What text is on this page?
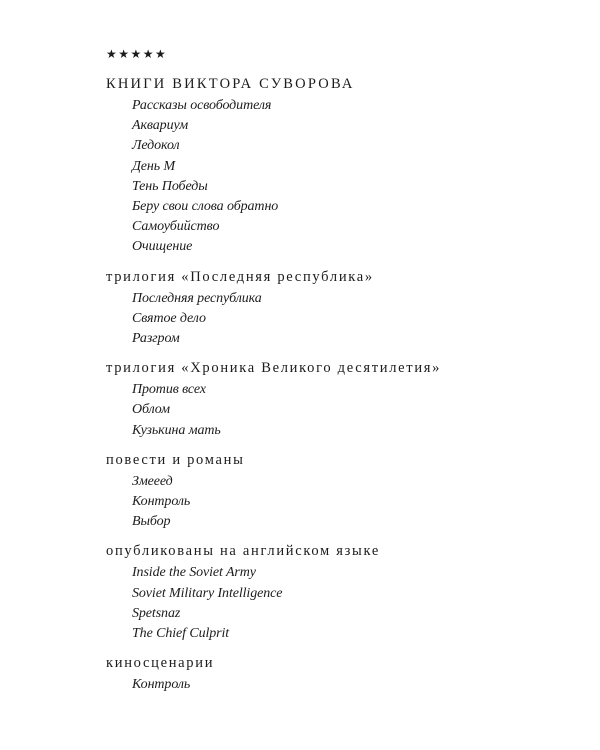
★★★★★
КНИГИ ВИКТОРА СУВОРОВА
Рассказы освободителя
Аквариум
Ледокол
День М
Тень Победы
Беру свои слова обратно
Самоубийство
Очищение
трилогия «Последняя республика»
Последняя республика
Святое дело
Разгром
трилогия «Хроника Великого десятилетия»
Против всех
Облом
Кузькина мать
повести и романы
Змееед
Контроль
Выбор
опубликованы на английском языке
Inside the Soviet Army
Soviet Military Intelligence
Spetsnaz
The Chief Culprit
киносценарии
Контроль
